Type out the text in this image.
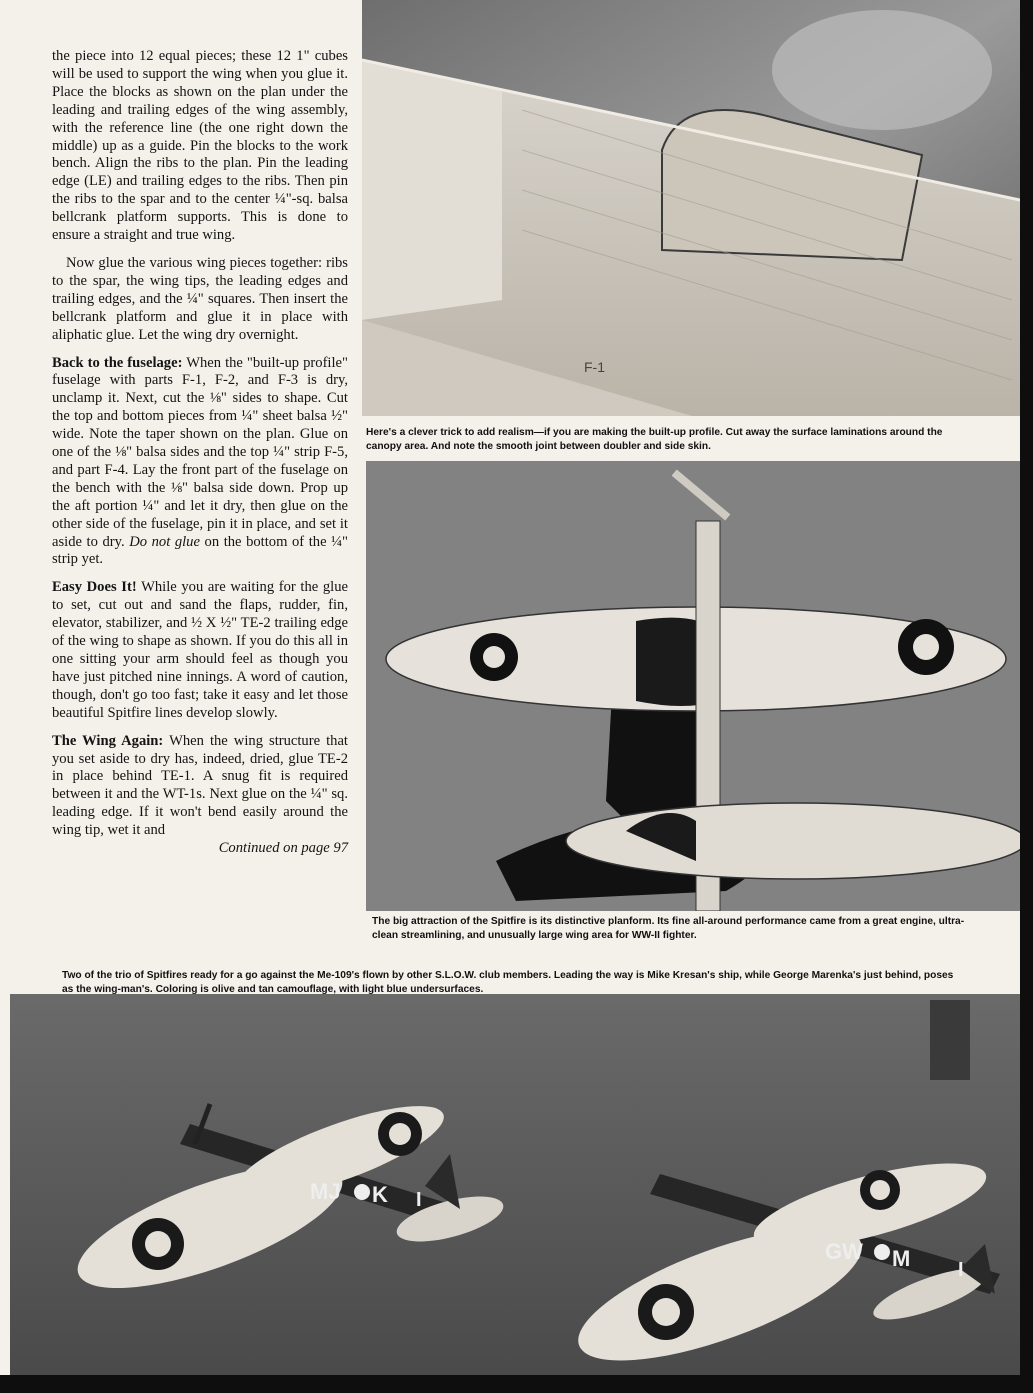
the piece into 12 equal pieces; these 12 1" cubes will be used to support the wing when you glue it. Place the blocks as shown on the plan under the leading and trailing edges of the wing assembly, with the reference line (the one right down the middle) up as a guide. Pin the blocks to the work bench. Align the ribs to the plan. Pin the leading edge (LE) and trailing edges to the ribs. Then pin the ribs to the spar and to the center ¼"-sq. balsa bellcrank platform supports. This is done to ensure a straight and true wing.

Now glue the various wing pieces together: ribs to the spar, the wing tips, the leading edges and trailing edges, and the ¼" squares. Then insert the bellcrank platform and glue it in place with aliphatic glue. Let the wing dry overnight.

Back to the fuselage: When the "built-up profile" fuselage with parts F-1, F-2, and F-3 is dry, unclamp it. Next, cut the ⅛" sides to shape. Cut the top and bottom pieces from ¼" sheet balsa ½" wide. Note the taper shown on the plan. Glue on one of the ⅛" balsa sides and the top ¼" strip F-5, and part F-4. Lay the front part of the fuselage on the bench with the ⅛" balsa side down. Prop up the aft portion ¼" and let it dry, then glue on the other side of the fuselage, pin it in place, and set it aside to dry. Do not glue on the bottom of the ¼" strip yet.

Easy Does It! While you are waiting for the glue to set, cut out and sand the flaps, rudder, fin, elevator, stabilizer, and ½ X ½" TE-2 trailing edge of the wing to shape as shown. If you do this all in one sitting your arm should feel as though you have just pitched nine innings. A word of caution, though, don't go too fast; take it easy and let those beautiful Spitfire lines develop slowly.

The Wing Again: When the wing structure that you set aside to dry has, indeed, dried, glue TE-2 in place behind TE-1. A snug fit is required between it and the WT-1s. Next glue on the ¼" sq. leading edge. If it won't bend easily around the wing tip, wet it and

Continued on page 97
F-1
Here's a clever trick to add realism—if you are making the built-up profile. Cut away the surface laminations around the canopy area. And note the smooth joint between doubler and side skin.
The big attraction of the Spitfire is its distinctive planform. Its fine all-around performance came from a great engine, ultra-clean streamlining, and unusually large wing area for WW-II fighter.
Two of the trio of Spitfires ready for a go against the Me-109's flown by other S.L.O.W. club members. Leading the way is Mike Kresan's ship, while George Marenka's just behind, poses as the wing-man's. Coloring is olive and tan camouflage, with light blue undersurfaces.
MJ K I
GW M I
